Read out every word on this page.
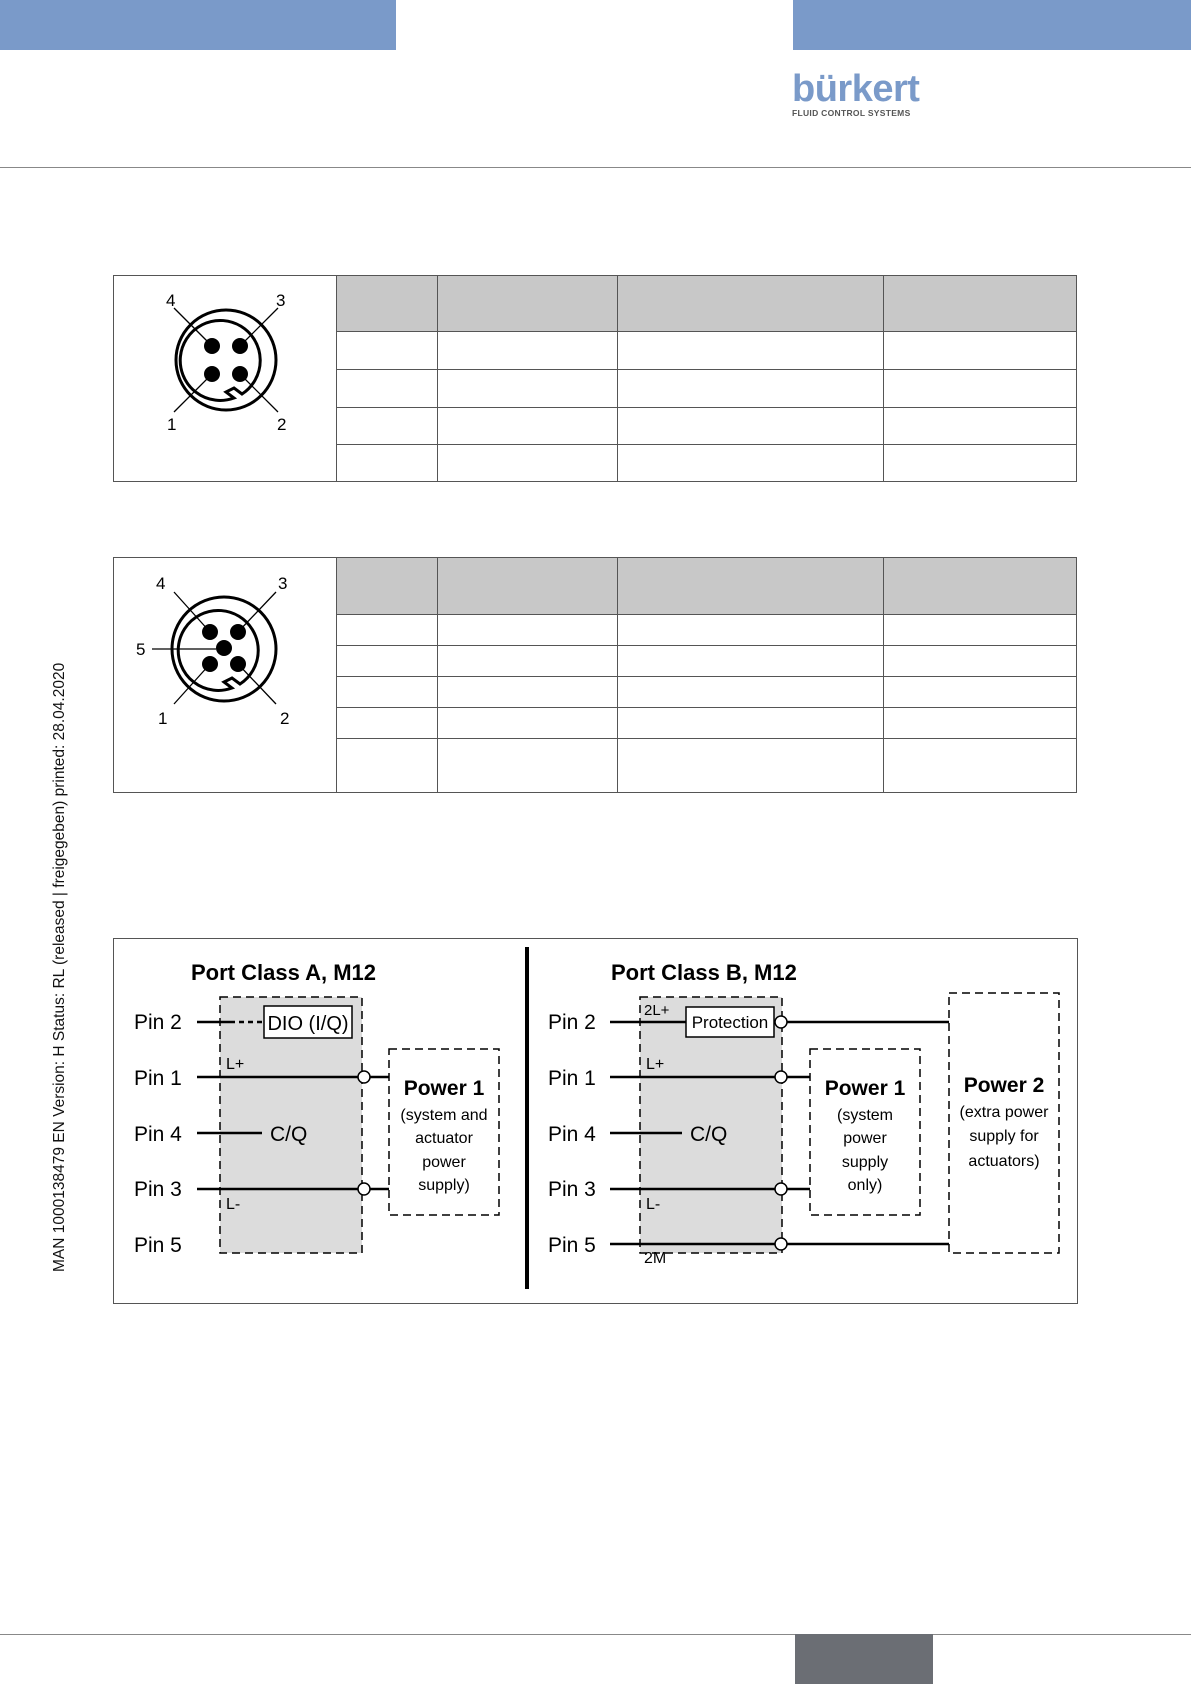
bürkert
FLUID CONTROL SYSTEMS
MAN 1000138479 EN Version: H Status: RL (released | freigegeben) printed: 28.04.2020
4 3
1 2				

4 3
5
1 2				

Port Class A, M12
Pin 2
Pin 1
Pin 4
Pin 3
Pin 5
DIO (I/Q)
L+
C/Q
L-
Power 1
(system and
actuator
power
supply)
Port Class B, M12
Pin 2
Pin 1
Pin 4
Pin 3
Pin 5
2L+
Protection
L+
C/Q
L-
2M
Power 1
(system
power
supply
only)
Power 2
(extra power
supply for
actuators)
